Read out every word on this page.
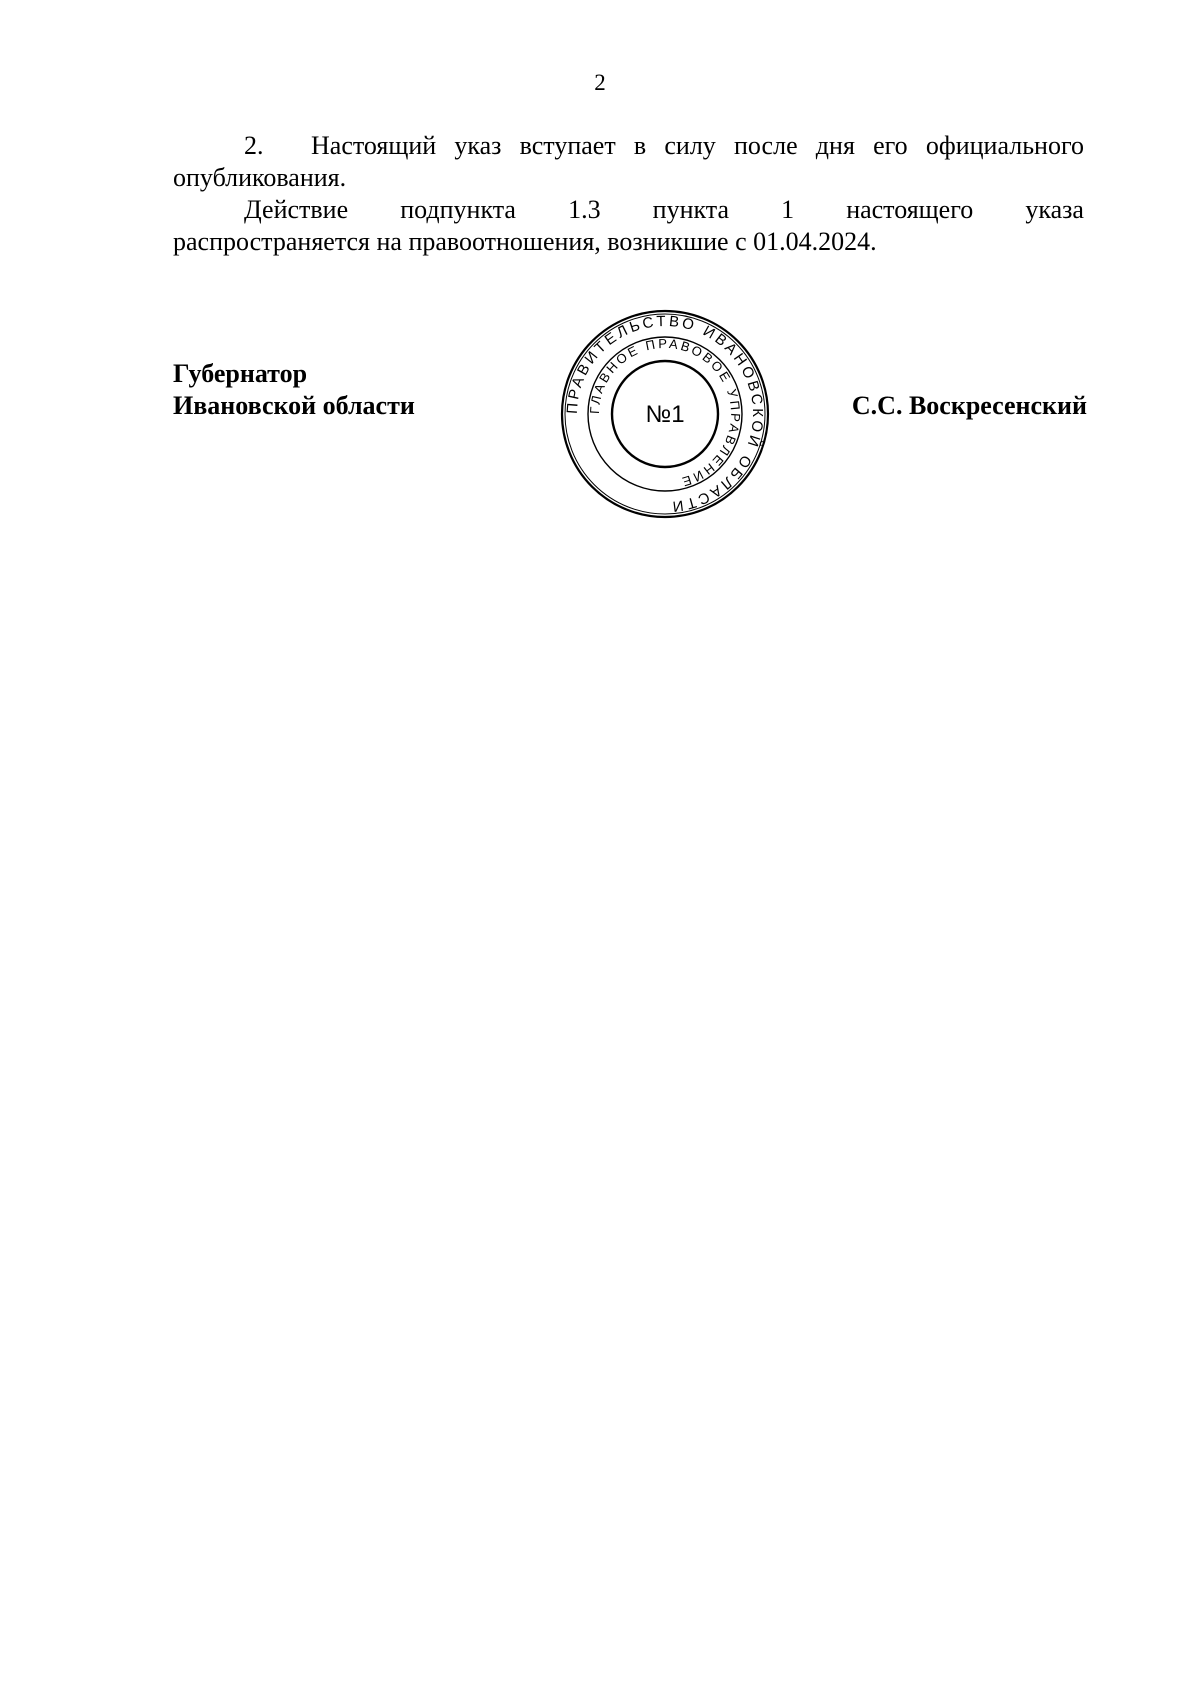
2

2. Настоящий указ вступает в силу после дня его официального опубликования.

Действие подпункта 1.3 пункта 1 настоящего указа

распространяется на правоотношения, возникшие с 01.04.2024.

Губернатор
Ивановской области	ПРАВИТЕЛЬСТВО ИВАНОВСКОЙ ОБЛАСТИ
ГЛАВНОЕ ПРАВОВОЕ УПРАВЛЕНИЕ
№1	С.С. Воскресенский
